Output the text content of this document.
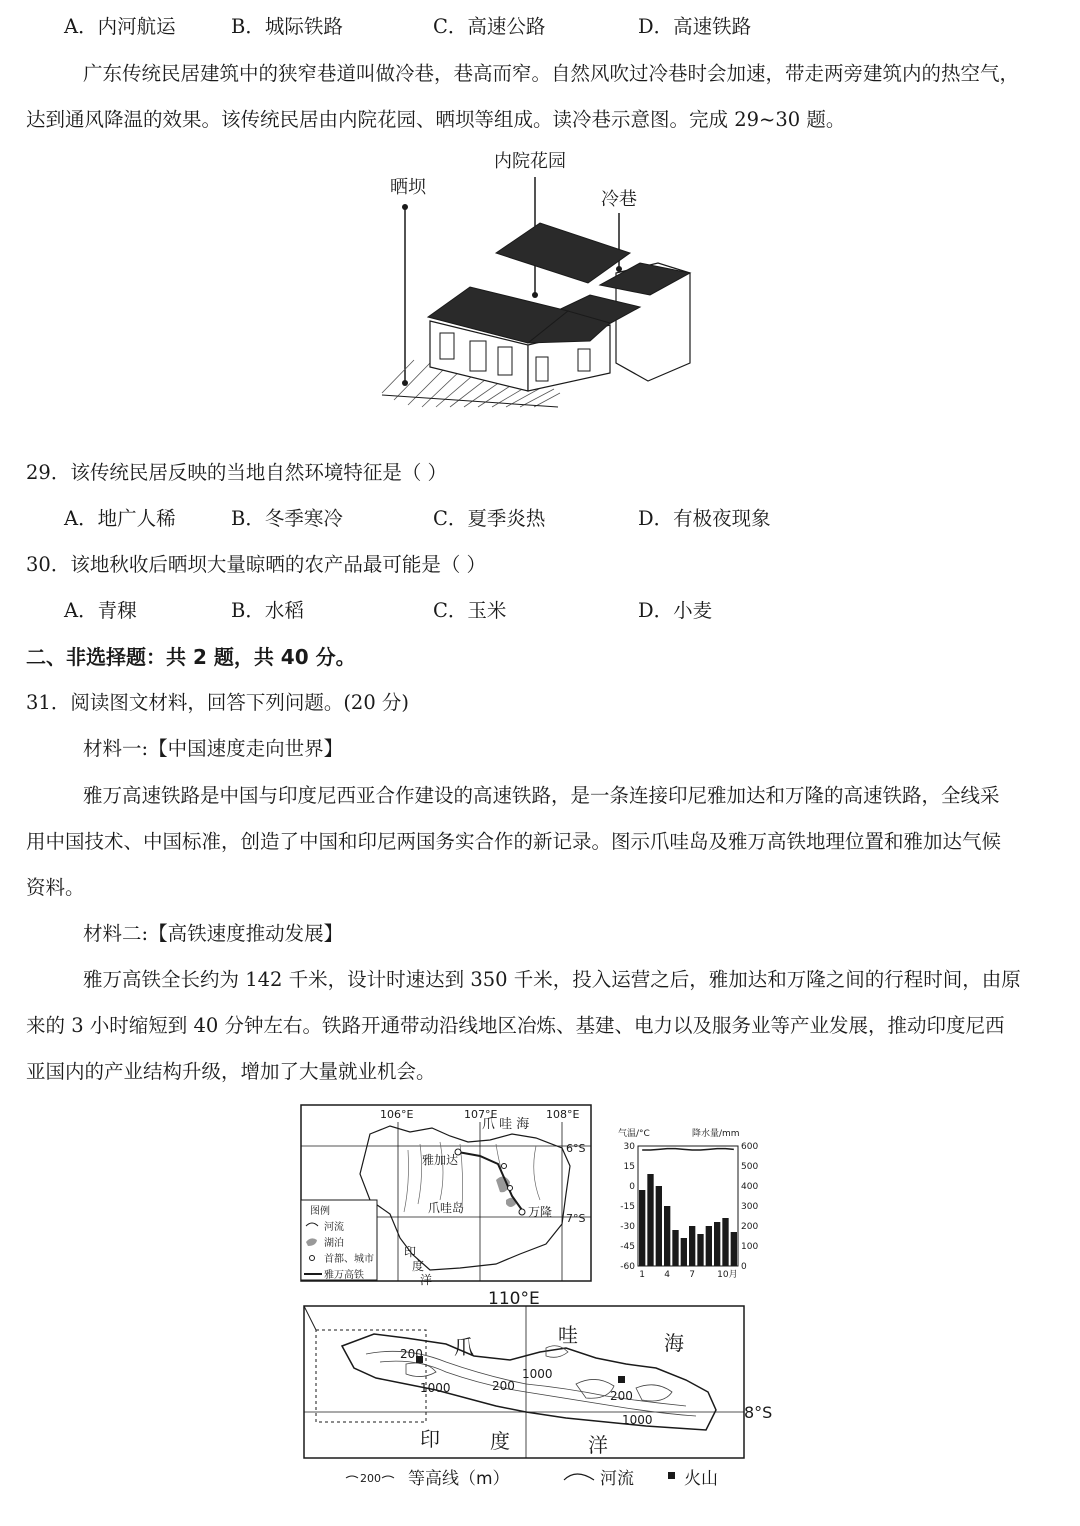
A．内河航运	B．城际铁路	C．高速公路	D．高速铁路
广东传统民居建筑中的狭窄巷道叫做冷巷，巷高而窄。自然风吹过冷巷时会加速，带走两旁建筑内的热空气，
达到通风降温的效果。该传统民居由内院花园、晒坝等组成。读冷巷示意图。完成 29~30 题。
内院花园
晒坝
冷巷
29．该传统民居反映的当地自然环境特征是（ ）
A．地广人稀	B．冬季寒冷	C．夏季炎热	D．有极夜现象
30．该地秋收后晒坝大量晾晒的农产品最可能是（ ）
A．青稞	B．水稻	C．玉米	D．小麦
二、非选择题：共 2 题，共 40 分。
31．阅读图文材料，回答下列问题。(20 分)
材料一:【中国速度走向世界】
雅万高速铁路是中国与印度尼西亚合作建设的高速铁路，是一条连接印尼雅加达和万隆的高速铁路，全线采
用中国技术、中国标准，创造了中国和印尼两国务实合作的新记录。图示爪哇岛及雅万高铁地理位置和雅加达气候
资料。
材料二:【高铁速度推动发展】
雅万高铁全长约为 142 千米，设计时速达到 350 千米，投入运营之后，雅加达和万隆之间的行程时间，由原
来的 3 小时缩短到 40 分钟左右。铁路开通带动沿线地区冶炼、基建、电力以及服务业等产业发展，推动印度尼西
亚国内的产业结构升级，增加了大量就业机会。
106°E	107°E	108°E
6°S
7°S
爪 哇 海
雅加达
万隆
爪哇岛
印
度
洋
图例
河流
湖泊
首都、城市
雅万高铁
气温/°C	降水量/mm
30
15
0
-15
-30
-45
-60
600
500
400
300
200
100
0
1 4 7 10月
110°E
8°S
爪	哇	海
印	度	洋
200
1000	200
1000
200
1000
200 等高线（m）	河流	火山
